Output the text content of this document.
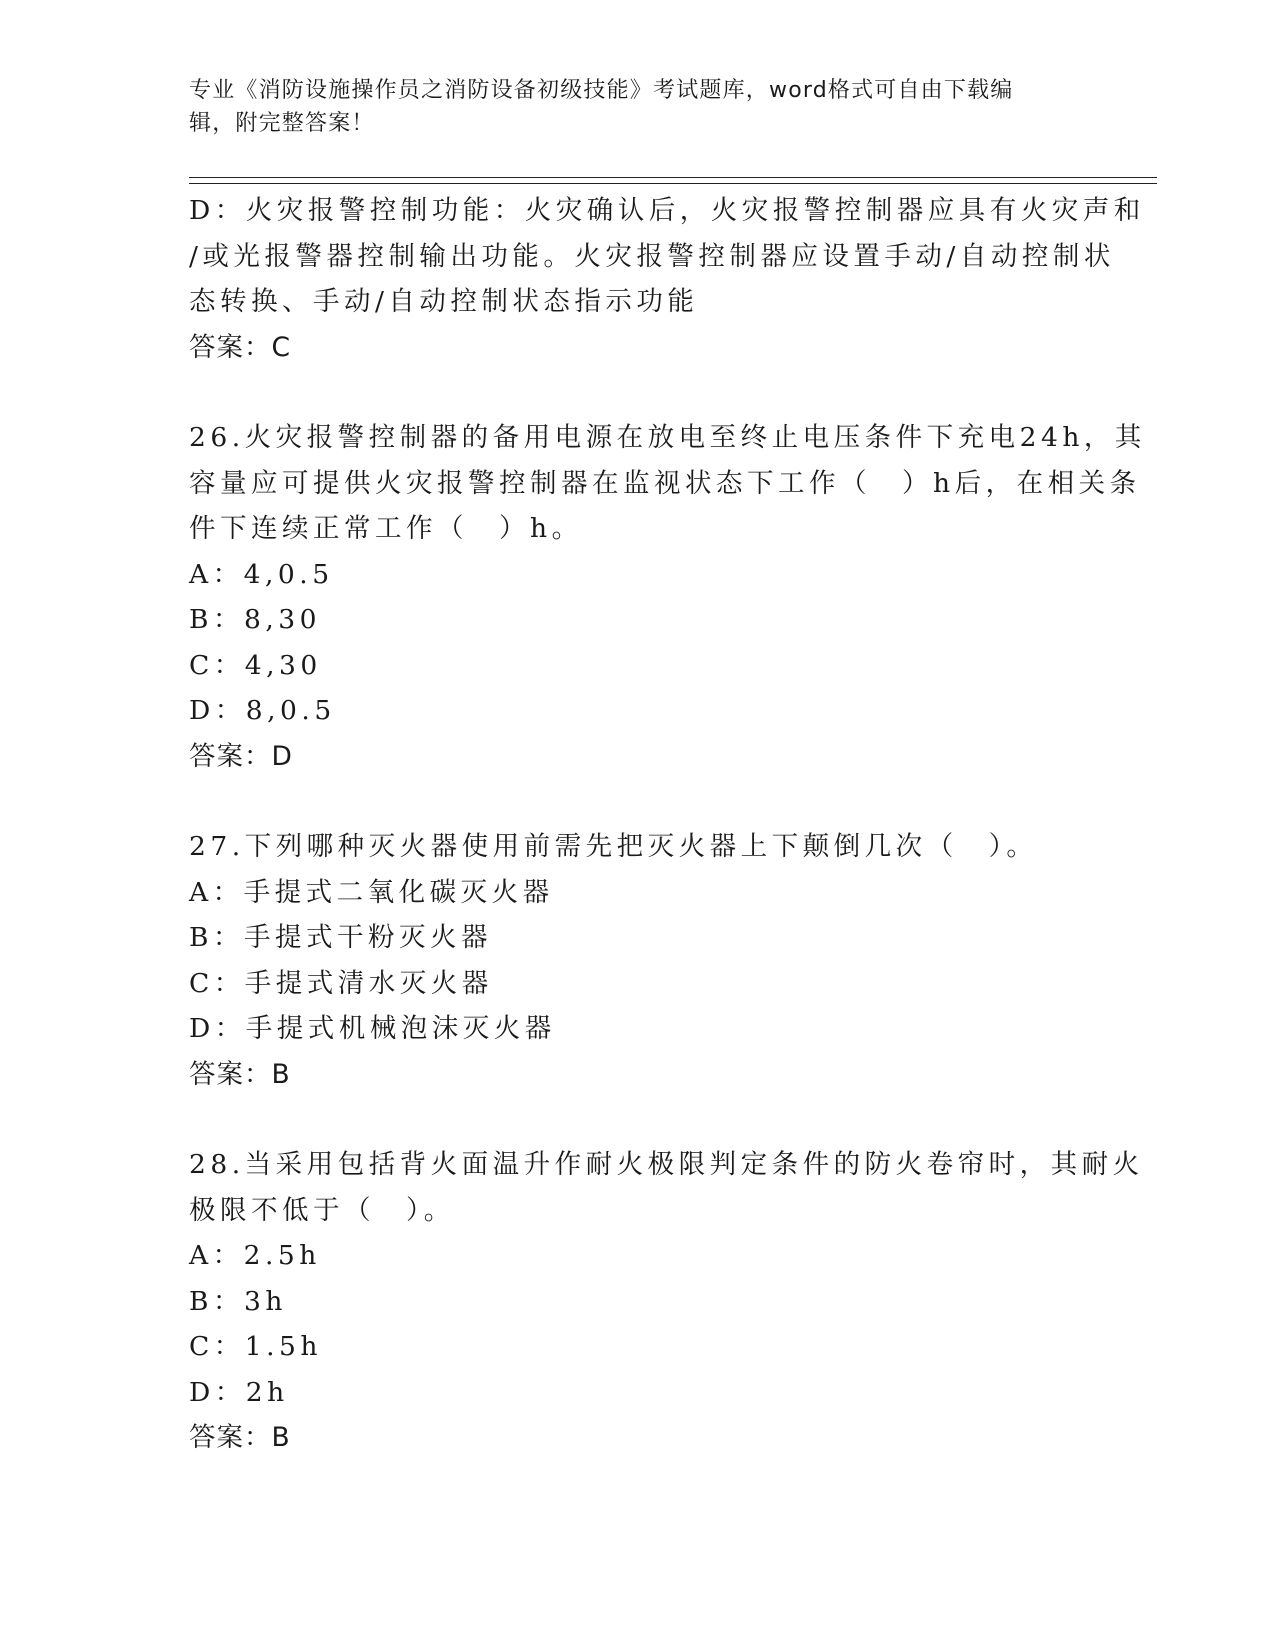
专业《消防设施操作员之消防设备初级技能》考试题库，word格式可自由下载编
辑，附完整答案！
D：火灾报警控制功能：火灾确认后，火灾报警控制器应具有火灾声和
/或光报警器控制输出功能。火灾报警控制器应设置手动/自动控制状
态转换、手动/自动控制状态指示功能
答案：C
26.火灾报警控制器的备用电源在放电至终止电压条件下充电24h，其
容量应可提供火灾报警控制器在监视状态下工作（　）h后，在相关条
件下连续正常工作（　）h。
A：4,0.5
B：8,30
C：4,30
D：8,0.5
答案：D
27.下列哪种灭火器使用前需先把灭火器上下颠倒几次（　）。
A：手提式二氧化碳灭火器
B：手提式干粉灭火器
C：手提式清水灭火器
D：手提式机械泡沫灭火器
答案：B
28.当采用包括背火面温升作耐火极限判定条件的防火卷帘时，其耐火
极限不低于（　）。
A：2.5h
B：3h
C：1.5h
D：2h
答案：B
